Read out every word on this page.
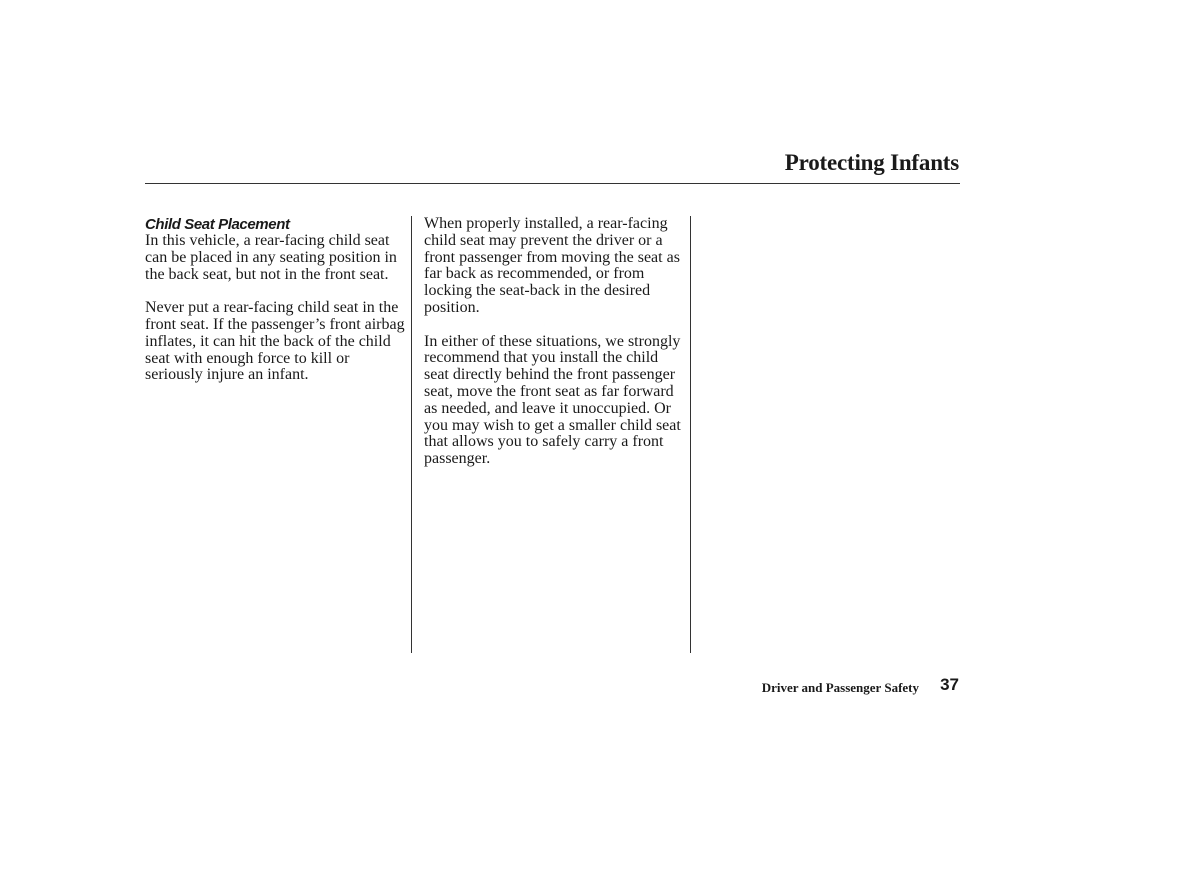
Protecting Infants
Child Seat Placement

In this vehicle, a rear-facing child seat can be placed in any seating position in the back seat, but not in the front seat.

Never put a rear-facing child seat in the front seat. If the passenger’s front airbag inflates, it can hit the back of the child seat with enough force to kill or seriously injure an infant.

When properly installed, a rear-facing child seat may prevent the driver or a front passenger from moving the seat as far back as recommended, or from locking the seat-back in the desired position.

In either of these situations, we strongly recommend that you install the child seat directly behind the front passenger seat, move the front seat as far forward as needed, and leave it unoccupied. Or you may wish to get a smaller child seat that allows you to safely carry a front passenger.

Driver and Passenger Safety 37
